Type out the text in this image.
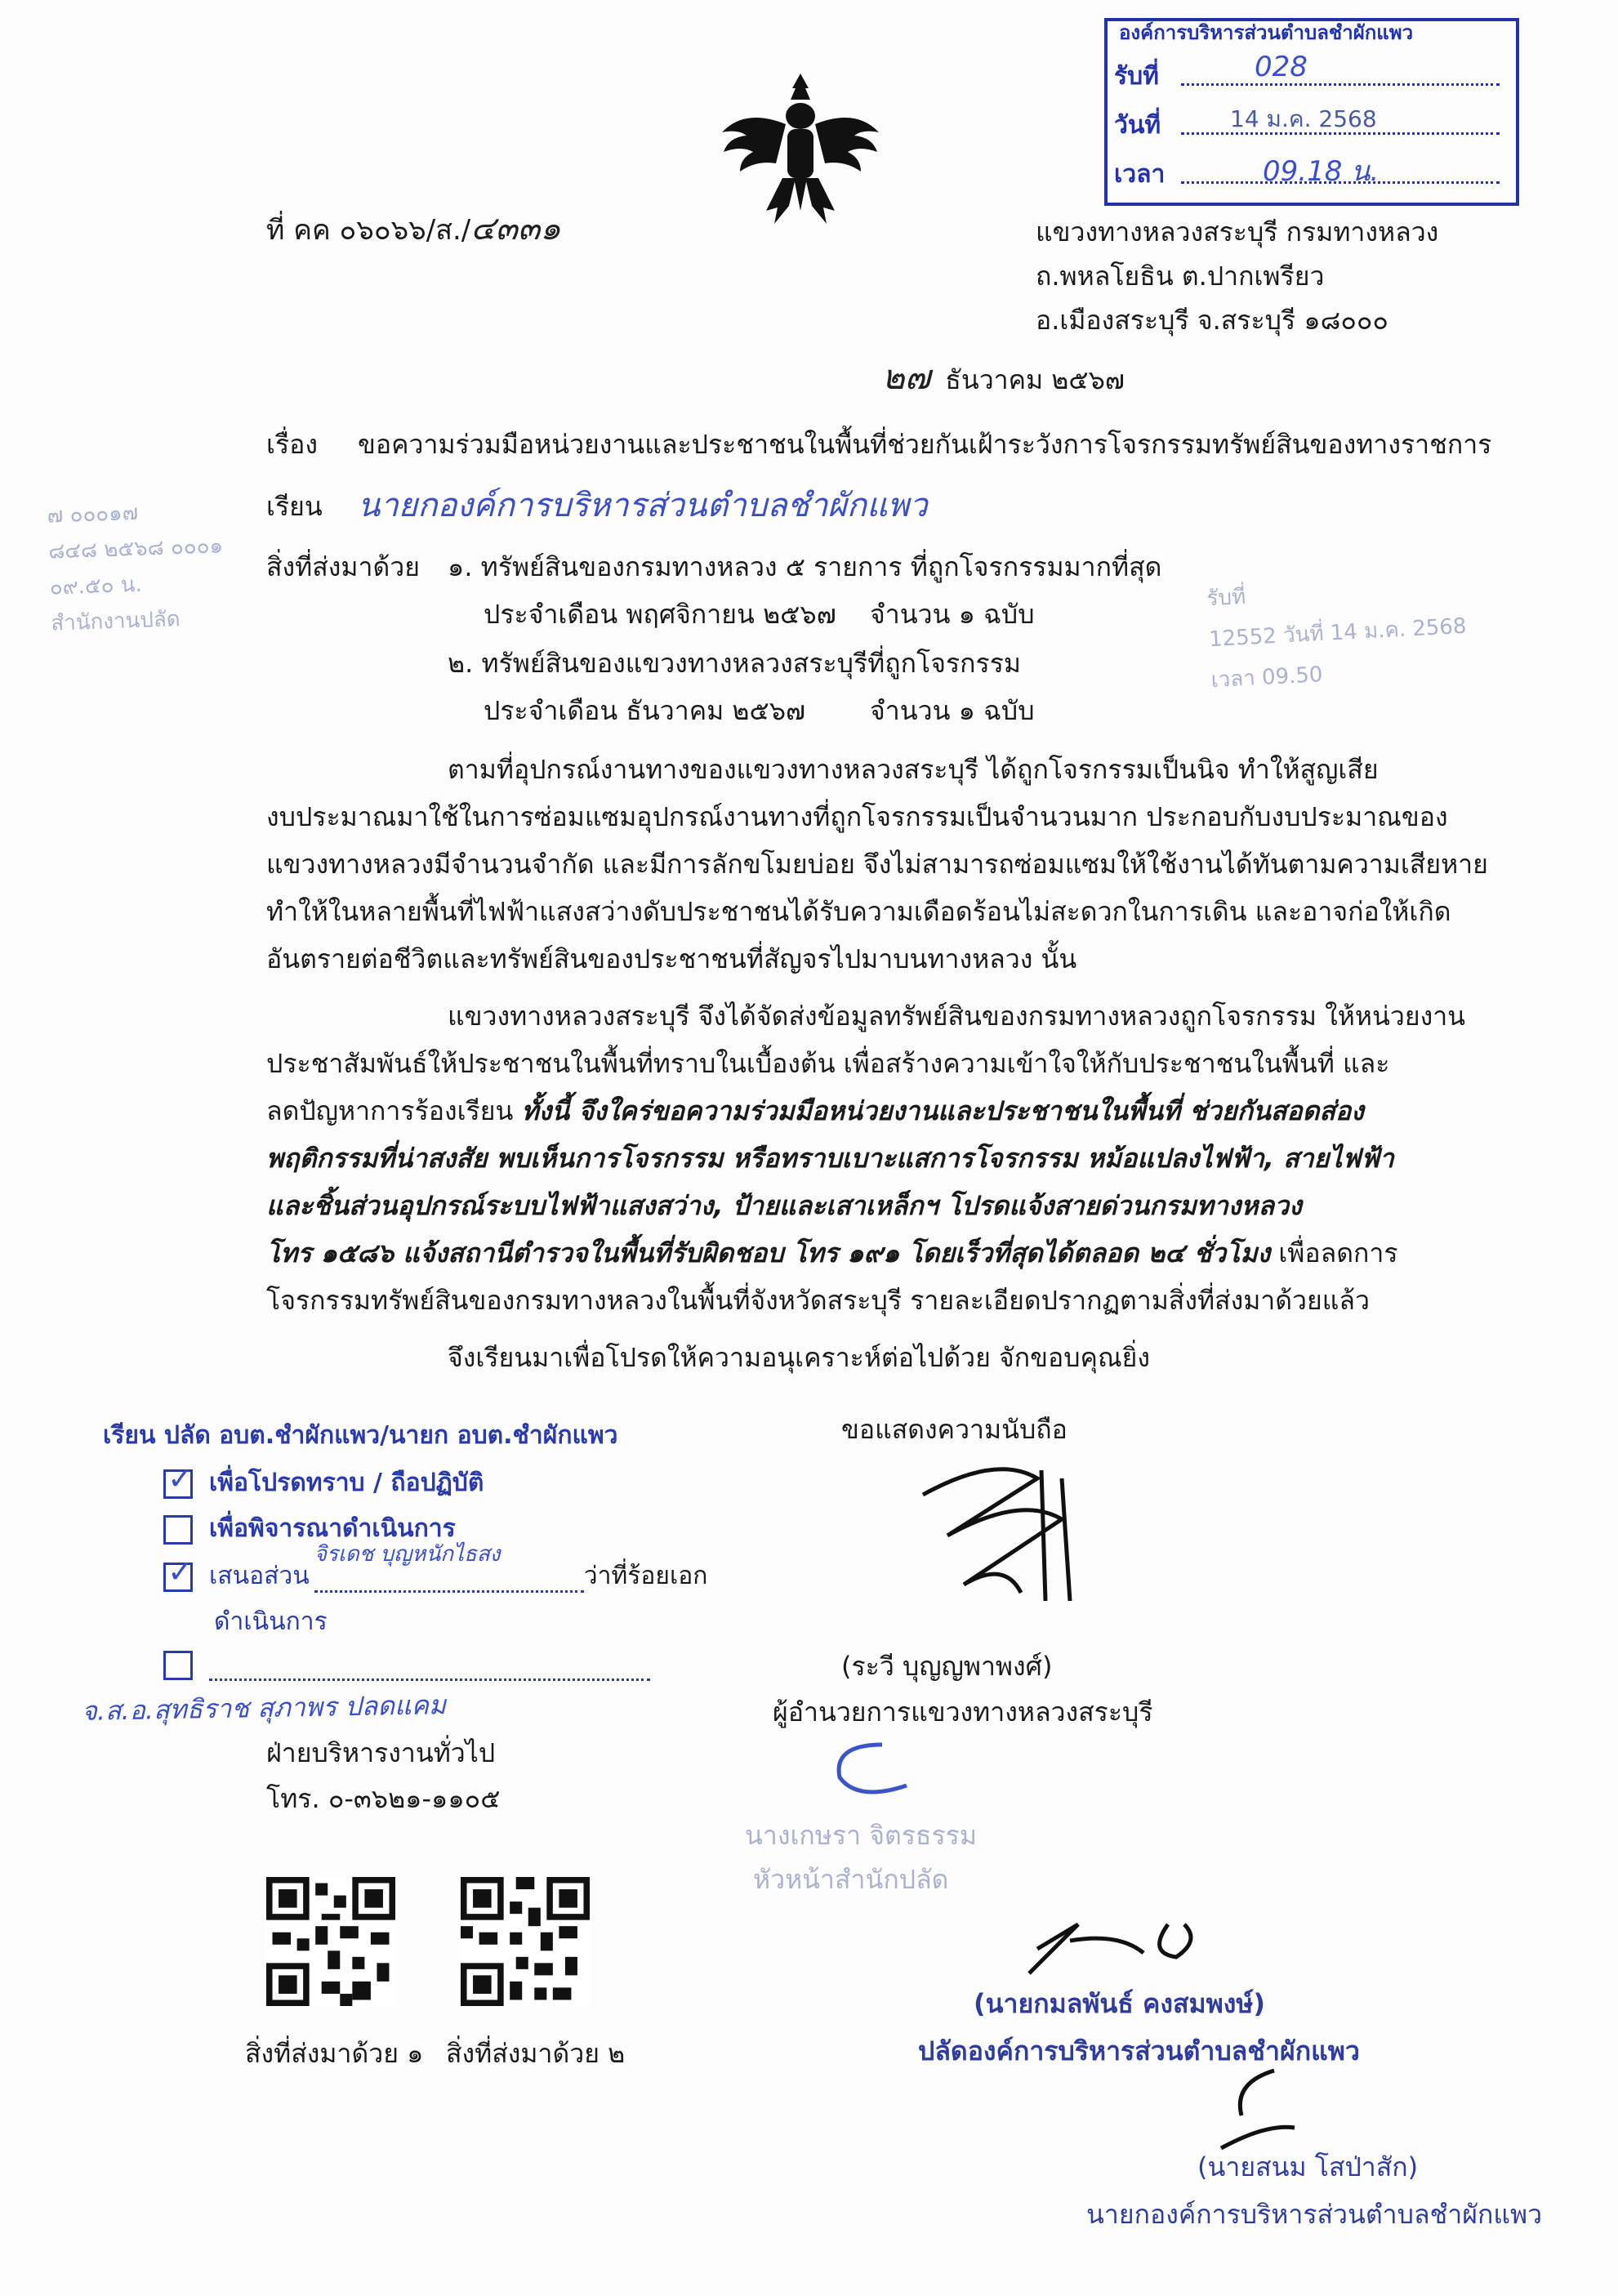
องค์การบริหารส่วนตำบลชำผักแพว
รับที่	028
วันที่	14 ม.ค. 2568
เวลา	09.18 น.
ที่ คค ๐๖๐๖๖/ส./๔๓๓๑	แขวงทางหลวงสระบุรี กรมทางหลวง
ถ.พหลโยธิน ต.ปากเพรียว
อ.เมืองสระบุรี จ.สระบุรี ๑๘๐๐๐
๒๗ ธันวาคม ๒๕๖๗
เรื่อง ขอความร่วมมือหน่วยงานและประชาชนในพื้นที่ช่วยกันเฝ้าระวังการโจรกรรมทรัพย์สินของทางราชการ
เรียน นายกองค์การบริหารส่วนตำบลชำผักแพว
๗ ๐๐๐๑๗
๘๔๘ ๒๕๖๘ ๐๐๐๑
๐๙.๕๐ น.
สำนักงานปลัด
รับที่
12552 วันที่ 14 ม.ค. 2568
เวลา 09.50
สิ่งที่ส่งมาด้วย ๑. ทรัพย์สินของกรมทางหลวง ๕ รายการ ที่ถูกโจรกรรมมากที่สุด
ประจำเดือน พฤศจิกายน ๒๕๖๗ จำนวน ๑ ฉบับ
๒. ทรัพย์สินของแขวงทางหลวงสระบุรีที่ถูกโจรกรรม
ประจำเดือน ธันวาคม ๒๕๖๗ จำนวน ๑ ฉบับ
ตามที่อุปกรณ์งานทางของแขวงทางหลวงสระบุรี ได้ถูกโจรกรรมเป็นนิจ ทำให้สูญเสีย
งบประมาณมาใช้ในการซ่อมแซมอุปกรณ์งานทางที่ถูกโจรกรรมเป็นจำนวนมาก ประกอบกับงบประมาณของ
แขวงทางหลวงมีจำนวนจำกัด และมีการลักขโมยบ่อย จึงไม่สามารถซ่อมแซมให้ใช้งานได้ทันตามความเสียหาย
ทำให้ในหลายพื้นที่ไฟฟ้าแสงสว่างดับประชาชนได้รับความเดือดร้อนไม่สะดวกในการเดิน และอาจก่อให้เกิด
อันตรายต่อชีวิตและทรัพย์สินของประชาชนที่สัญจรไปมาบนทางหลวง นั้น
แขวงทางหลวงสระบุรี จึงได้จัดส่งข้อมูลทรัพย์สินของกรมทางหลวงถูกโจรกรรม ให้หน่วยงาน
ประชาสัมพันธ์ให้ประชาชนในพื้นที่ทราบในเบื้องต้น เพื่อสร้างความเข้าใจให้กับประชาชนในพื้นที่ และ
ลดปัญหาการร้องเรียน ทั้งนี้ จึงใคร่ขอความร่วมมือหน่วยงานและประชาชนในพื้นที่ ช่วยกันสอดส่อง
พฤติกรรมที่น่าสงสัย พบเห็นการโจรกรรม หรือทราบเบาะแสการโจรกรรม หม้อแปลงไฟฟ้า, สายไฟฟ้า
และชิ้นส่วนอุปกรณ์ระบบไฟฟ้าแสงสว่าง, ป้ายและเสาเหล็กฯ โปรดแจ้งสายด่วนกรมทางหลวง
โทร ๑๕๘๖ แจ้งสถานีตำรวจในพื้นที่รับผิดชอบ โทร ๑๙๑ โดยเร็วที่สุดได้ตลอด ๒๔ ชั่วโมง เพื่อลดการ
โจรกรรมทรัพย์สินของกรมทางหลวงในพื้นที่จังหวัดสระบุรี รายละเอียดปรากฏตามสิ่งที่ส่งมาด้วยแล้ว
จึงเรียนมาเพื่อโปรดให้ความอนุเคราะห์ต่อไปด้วย จักขอบคุณยิ่ง
เรียน ปลัด อบต.ชำผักแพว/นายก อบต.ชำผักแพว
✓ เพื่อโปรดทราบ / ถือปฏิบัติ
เพื่อพิจารณาดำเนินการ
✓ เสนอส่วน
จิรเดช บุญหนักไธสง
ว่าที่ร้อยเอก
ดำเนินการ

จ.ส.อ.สุทธิราช สุภาพร ปลดแคม
ขอแสดงความนับถือ
(ระวี บุญญพาพงศ์)
ผู้อำนวยการแขวงทางหลวงสระบุรี
ฝ่ายบริหารงานทั่วไป
โทร. ๐-๓๖๒๑-๑๑๐๕
สิ่งที่ส่งมาด้วย ๑ สิ่งที่ส่งมาด้วย ๒
นางเกษรา จิตรธรรม
หัวหน้าสำนักปลัด
(นายกมลพันธ์ คงสมพงษ์)
ปลัดองค์การบริหารส่วนตำบลชำผักแพว
(นายสนม โสป่าสัก)
นายกองค์การบริหารส่วนตำบลชำผักแพว
